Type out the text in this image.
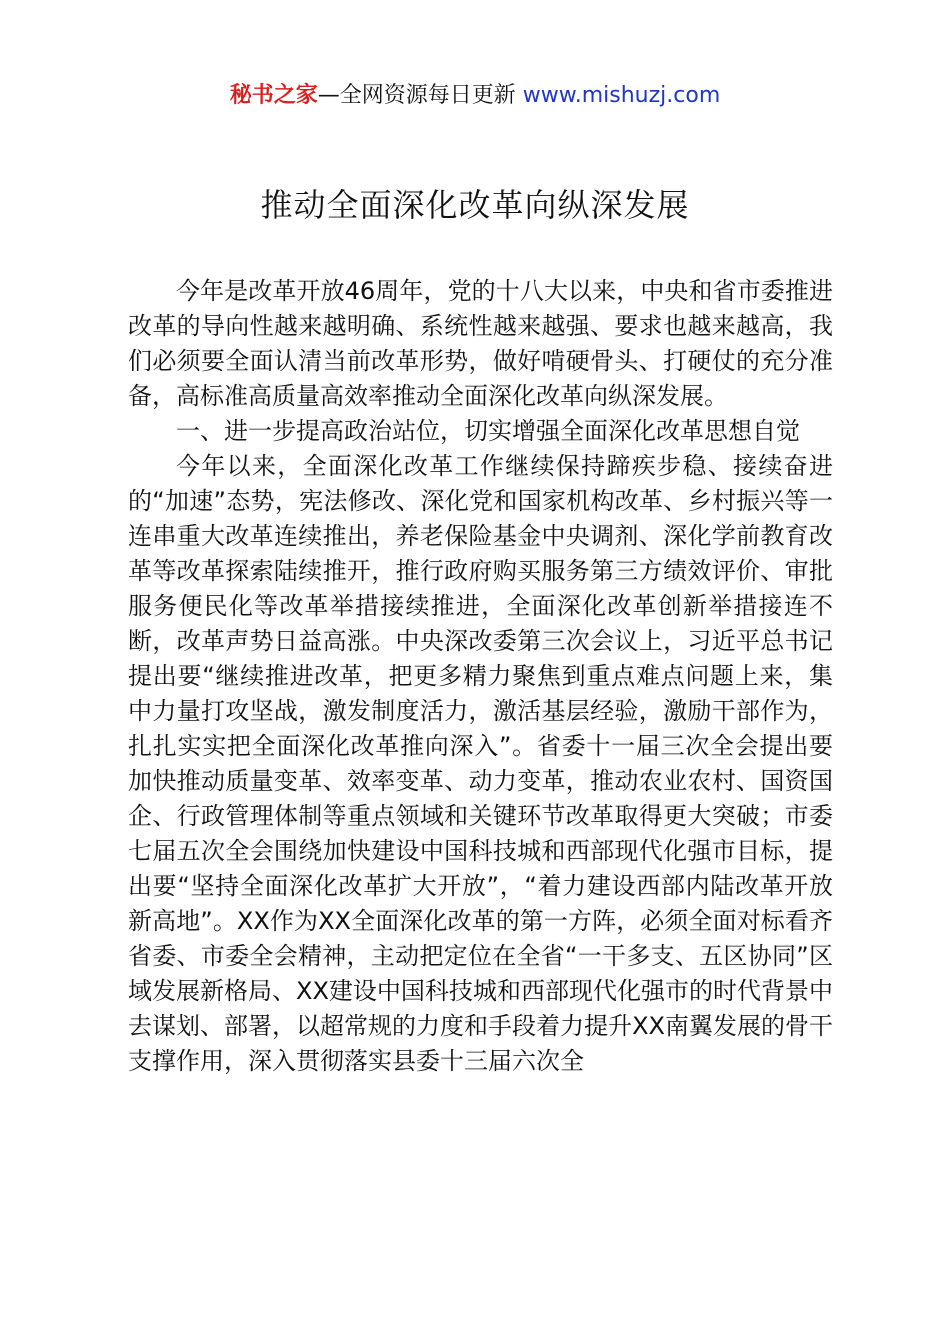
秘书之家—全网资源每日更新 www.mishuzj.com
推动全面深化改革向纵深发展

今年是改革开放46周年，党的十八大以来，中央和省市委推进改革的导向性越来越明确、系统性越来越强、要求也越来越高，我们必须要全面认清当前改革形势，做好啃硬骨头、打硬仗的充分准备，高标准高质量高效率推动全面深化改革向纵深发展。

一、进一步提高政治站位，切实增强全面深化改革思想自觉

今年以来，全面深化改革工作继续保持蹄疾步稳、接续奋进的“加速”态势，宪法修改、深化党和国家机构改革、乡村振兴等一连串重大改革连续推出，养老保险基金中央调剂、深化学前教育改革等改革探索陆续推开，推行政府购买服务第三方绩效评价、审批服务便民化等改革举措接续推进，全面深化改革创新举措接连不断，改革声势日益高涨。中央深改委第三次会议上，习近平总书记提出要“继续推进改革，把更多精力聚焦到重点难点问题上来，集中力量打攻坚战，激发制度活力，激活基层经验，激励干部作为，扎扎实实把全面深化改革推向深入”。省委十一届三次全会提出要加快推动质量变革、效率变革、动力变革，推动农业农村、国资国企、行政管理体制等重点领域和关键环节改革取得更大突破；市委七届五次全会围绕加快建设中国科技城和西部现代化强市目标，提出要“坚持全面深化改革扩大开放”，“着力建设西部内陆改革开放新高地”。XX作为XX全面深化改革的第一方阵，必须全面对标看齐省委、市委全会精神，主动把定位在全省“一干多支、五区协同”区域发展新格局、XX建设中国科技城和西部现代化强市的时代背景中去谋划、部署，以超常规的力度和手段着力提升XX南翼发展的骨干支撑作用，深入贯彻落实县委十三届六次全
